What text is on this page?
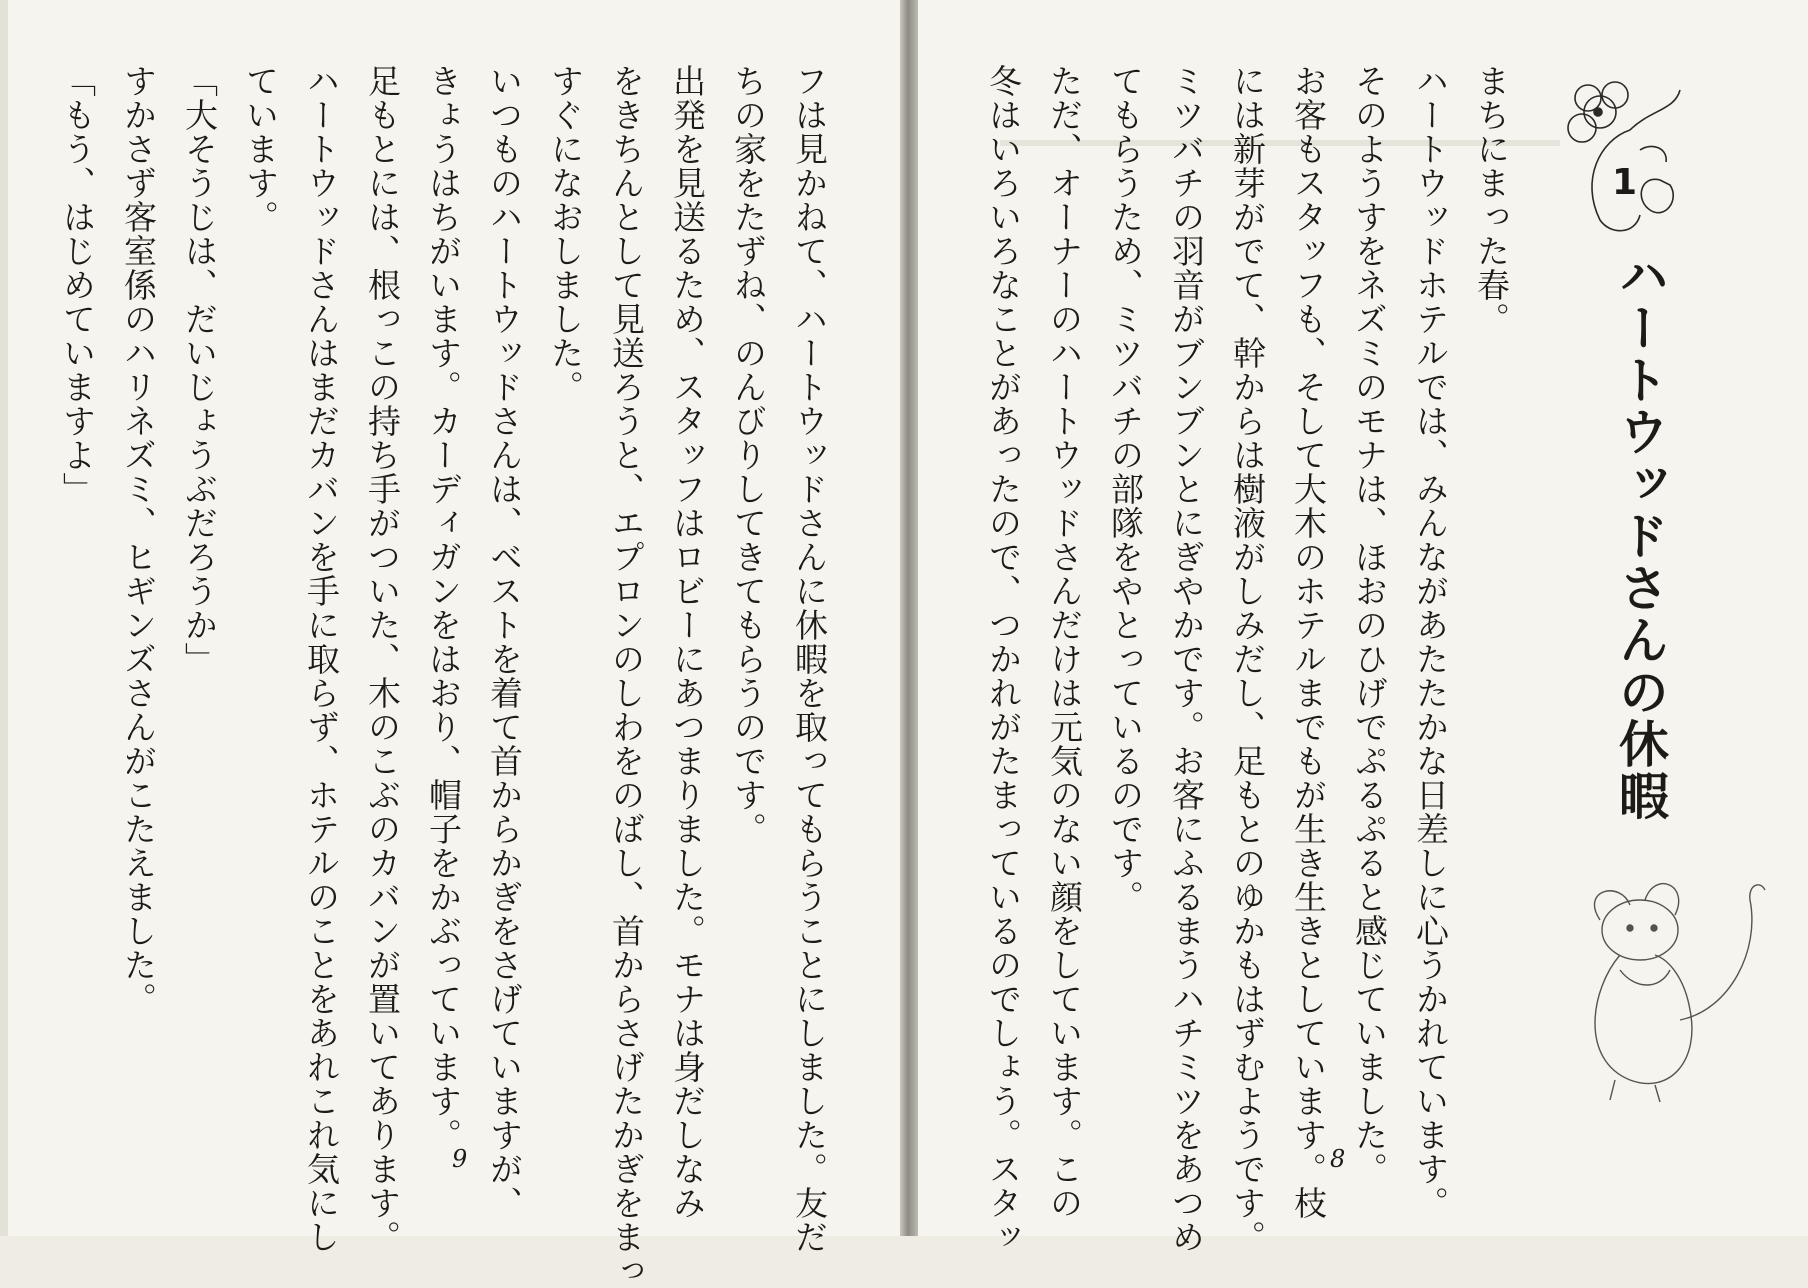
フは見かねて、ハートウッドさんに休暇を取ってもらうことにしました。友だ
ちの家をたずね、のんびりしてきてもらうのです。
出発を見送るため、スタッフはロビーにあつまりました。モナは身だしなみ
をきちんとして見送ろうと、エプロンのしわをのばし、首からさげたかぎをまっ
すぐになおしました。
いつものハートウッドさんは、ベストを着て首からかぎをさげていますが、
きょうはちがいます。カーディガンをはおり、帽子をかぶっています。
足もとには、根っこの持ち手がついた、木のこぶのカバンが置いてあります。
ハートウッドさんはまだカバンを手に取らず、ホテルのことをあれこれ気にし
ています。
「大そうじは、だいじょうぶだろうか」
すかさず客室係のハリネズミ、ヒギンズさんがこたえました。
「もう、はじめていますよ」
9
1
ハートウッドさんの休暇
まちにまった春。
ハートウッドホテルでは、みんながあたたかな日差しに心うかれています。
そのようすをネズミのモナは、ほおのひげでぷるぷると感じていました。
お客もスタッフも、そして大木のホテルまでもが生き生きとしています。枝
には新芽がでて、幹からは樹液がしみだし、足もとのゆかもはずむようです。
ミツバチの羽音がブンブンとにぎやかです。お客にふるまうハチミツをあつめ
てもらうため、ミツバチの部隊をやとっているのです。
ただ、オーナーのハートウッドさんだけは元気のない顔をしています。この
冬はいろいろなことがあったので、つかれがたまっているのでしょう。スタッ	8
